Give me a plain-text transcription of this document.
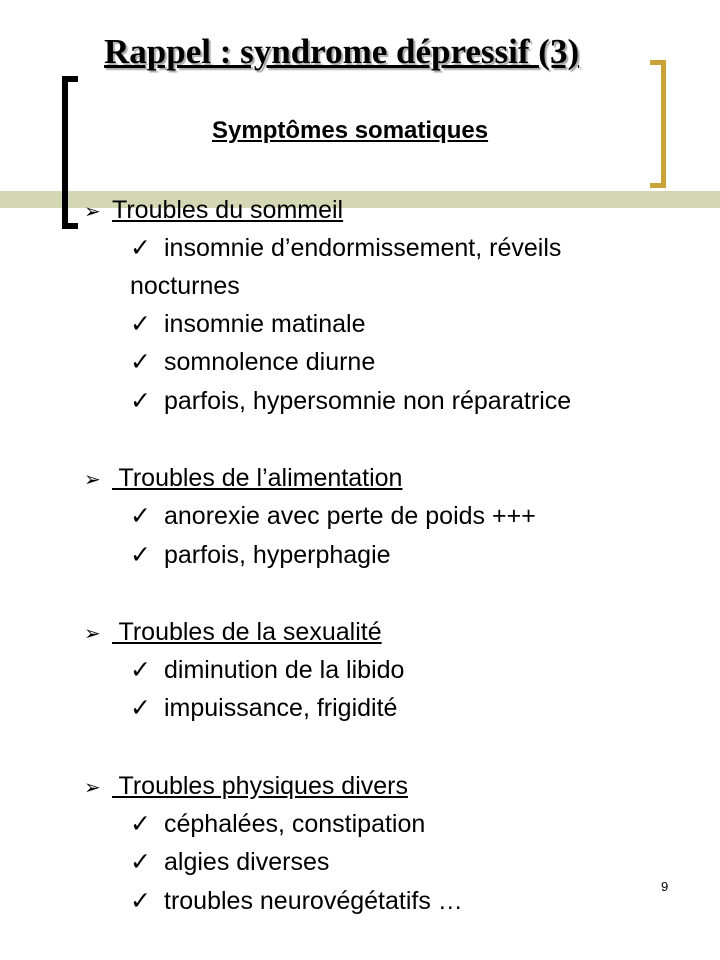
Rappel : syndrome dépressif (3)
Symptômes somatiques
➢ Troubles du sommeil
✓ insomnie d’endormissement, réveils
nocturnes
✓ insomnie matinale
✓ somnolence diurne
✓ parfois, hypersomnie non réparatrice
➢ Troubles de l’alimentation
✓ anorexie avec perte de poids +++
✓ parfois, hyperphagie
➢ Troubles de la sexualité
✓ diminution de la libido
✓ impuissance, frigidité
➢ Troubles physiques divers
✓ céphalées, constipation
✓ algies diverses
✓ troubles neurovégétatifs …
9
